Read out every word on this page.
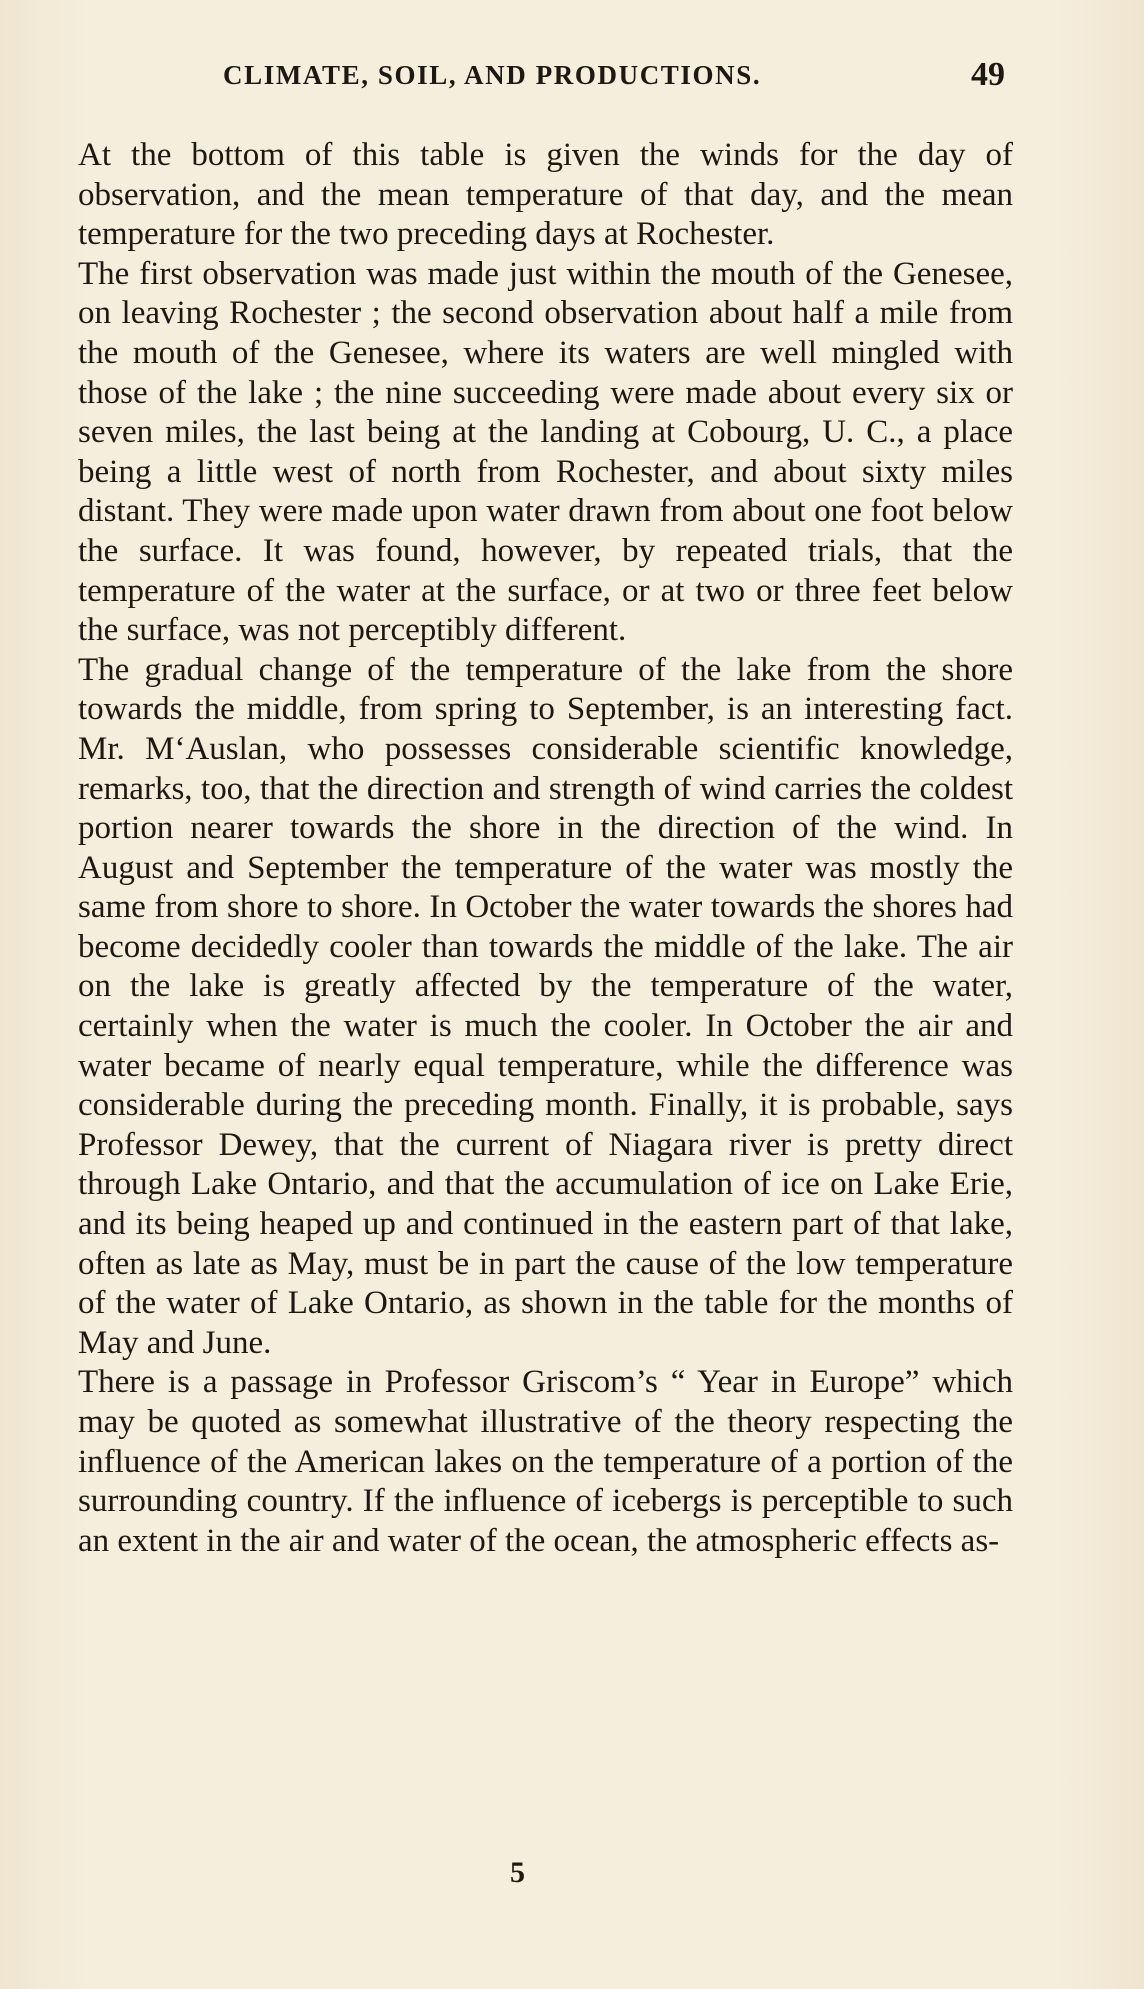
CLIMATE, SOIL, AND PRODUCTIONS.	49

At the bottom of this table is given the winds for the day of observation, and the mean temperature of that day, and the mean temperature for the two preceding days at Rochester.

The first observation was made just within the mouth of the Genesee, on leaving Rochester ; the second observation about half a mile from the mouth of the Genesee, where its waters are well mingled with those of the lake ; the nine succeeding were made about every six or seven miles, the last being at the landing at Cobourg, U. C., a place being a little west of north from Rochester, and about sixty miles distant. They were made upon water drawn from about one foot below the surface. It was found, however, by repeated trials, that the temperature of the water at the surface, or at two or three feet below the surface, was not perceptibly different.

The gradual change of the temperature of the lake from the shore towards the middle, from spring to September, is an interesting fact. Mr. M‘Auslan, who possesses considerable scientific knowledge, remarks, too, that the direction and strength of wind carries the coldest portion nearer towards the shore in the direction of the wind. In August and September the temperature of the water was mostly the same from shore to shore. In October the water towards the shores had become decidedly cooler than towards the middle of the lake. The air on the lake is greatly affected by the temperature of the water, certainly when the water is much the cooler. In October the air and water became of nearly equal temperature, while the difference was considerable during the preceding month. Finally, it is probable, says Professor Dewey, that the current of Niagara river is pretty direct through Lake Ontario, and that the accumulation of ice on Lake Erie, and its being heaped up and continued in the eastern part of that lake, often as late as May, must be in part the cause of the low temperature of the water of Lake Ontario, as shown in the table for the months of May and June.

There is a passage in Professor Griscom’s “ Year in Europe” which may be quoted as somewhat illustrative of the theory respecting the influence of the American lakes on the temperature of a portion of the surrounding country. If the influence of icebergs is perceptible to such an extent in the air and water of the ocean, the atmospheric effects as-

5
